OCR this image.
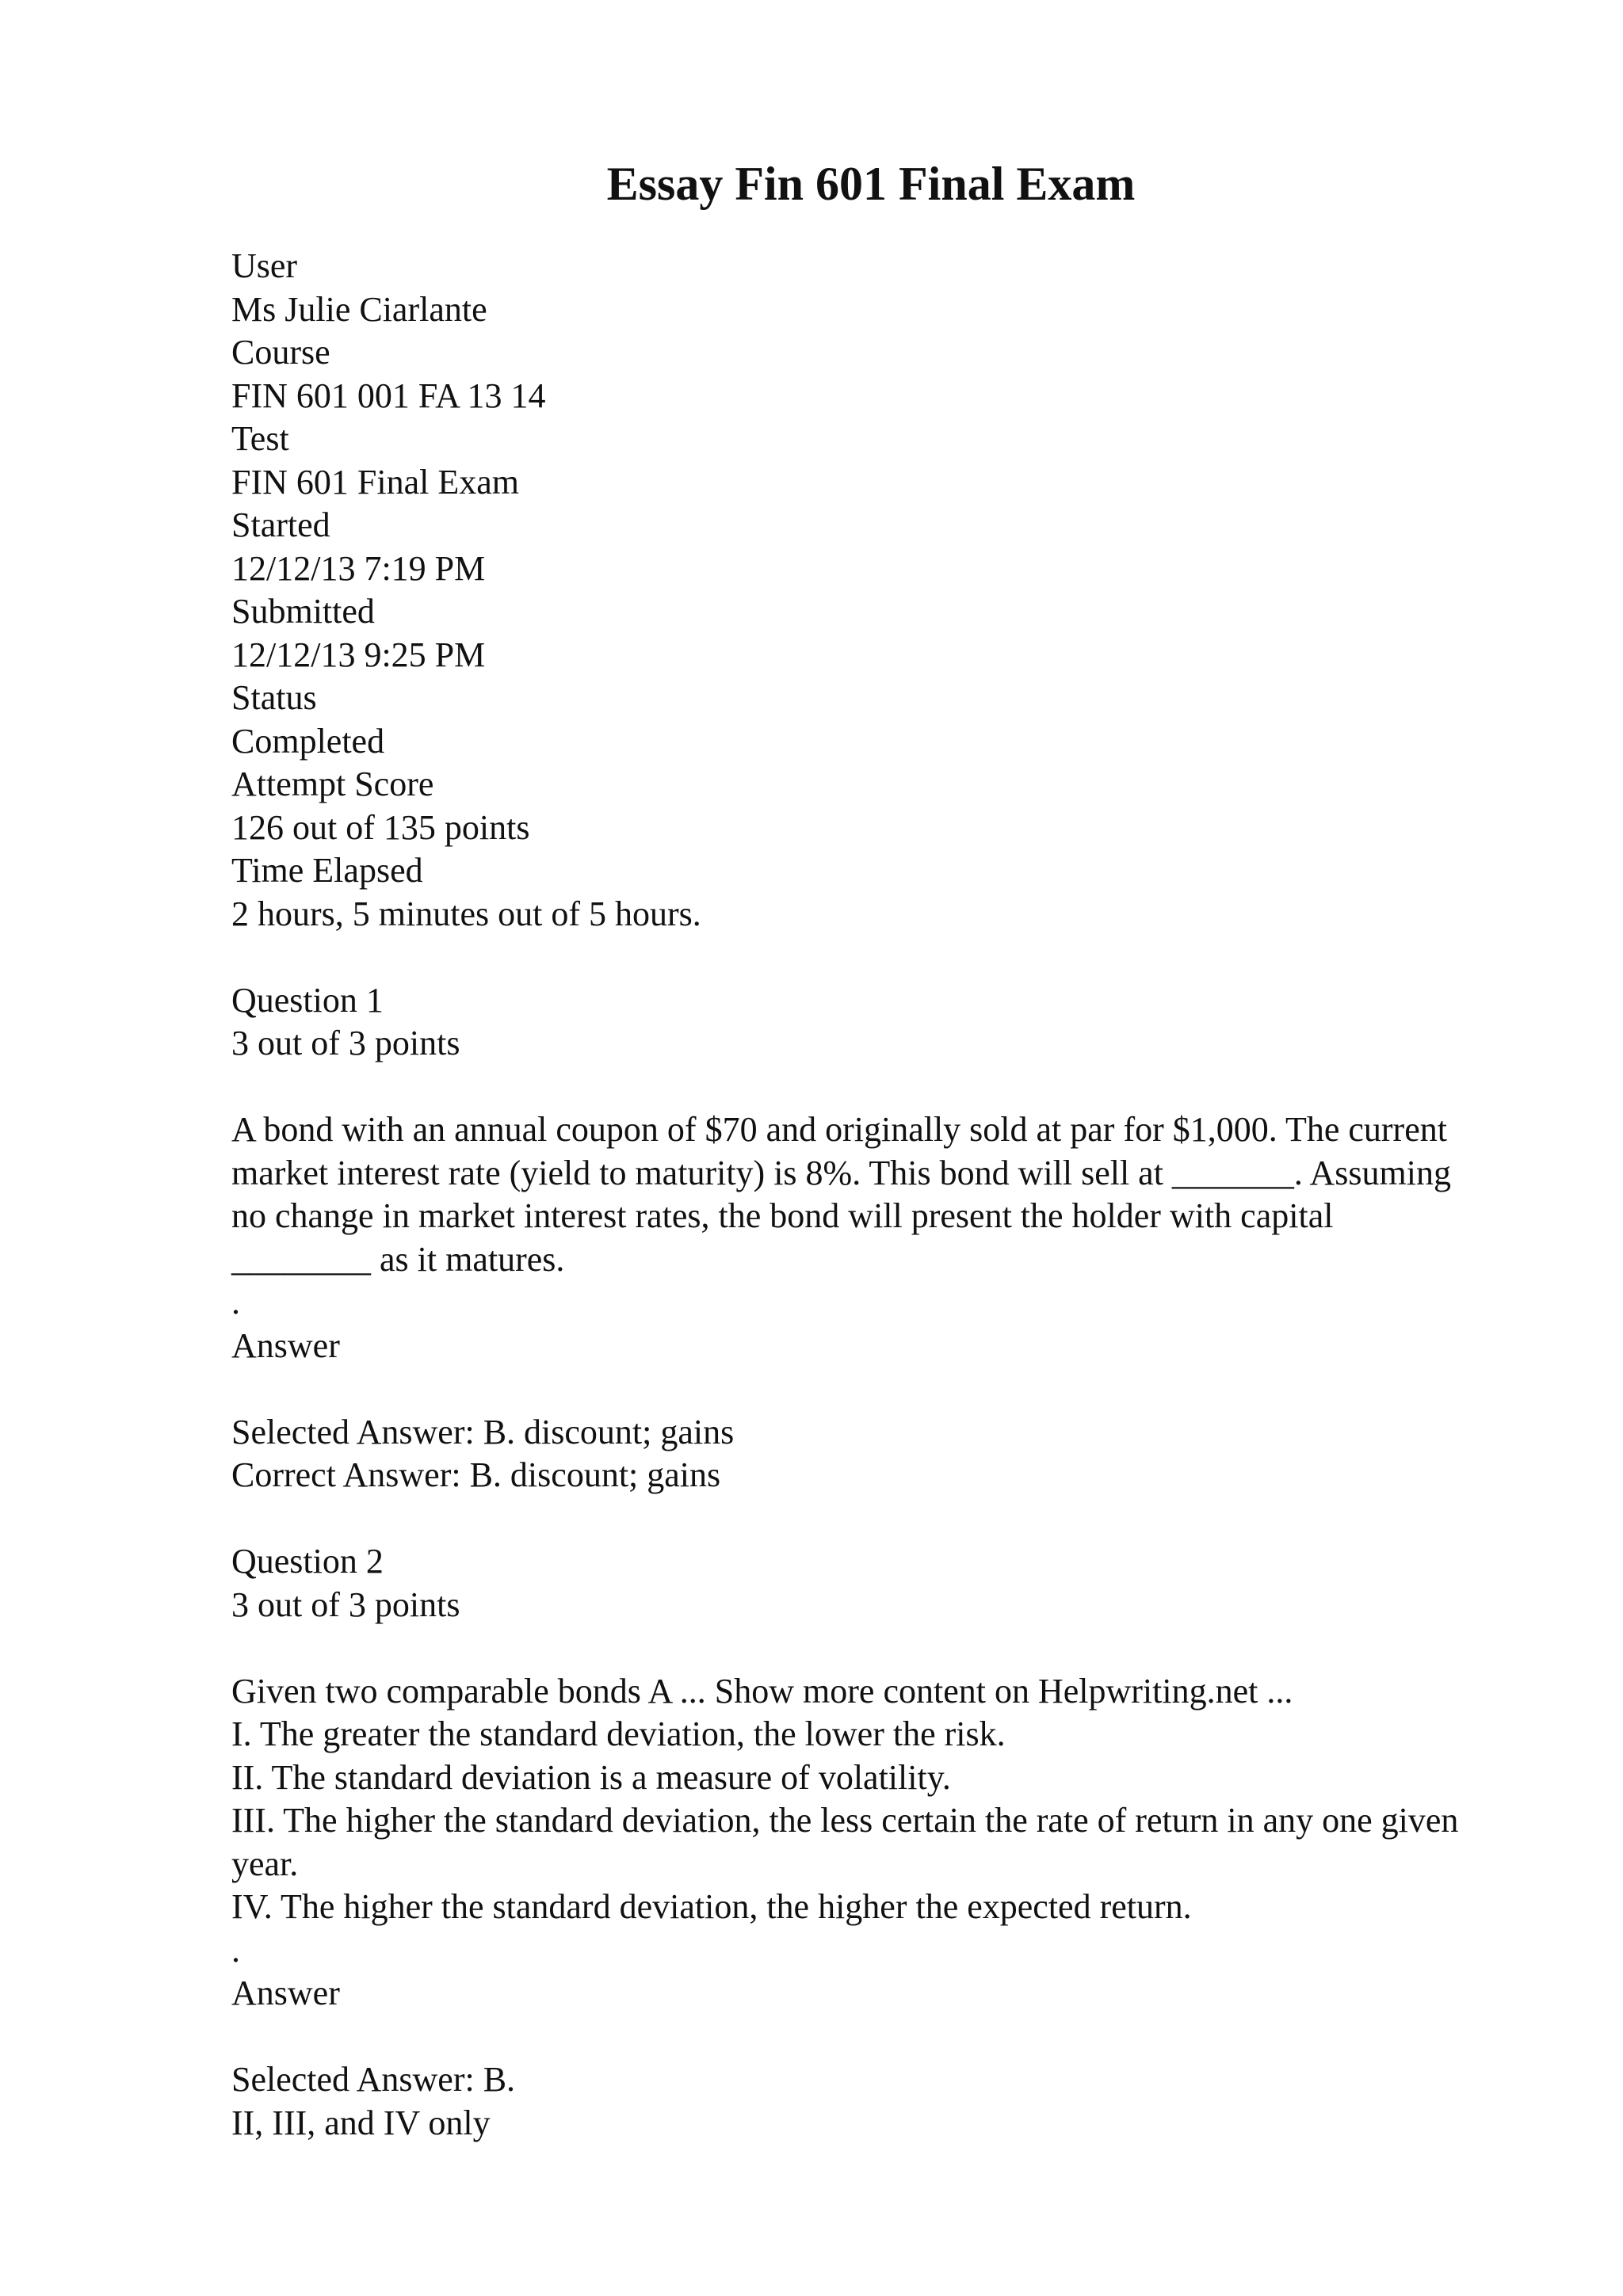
Essay Fin 601 Final Exam
User
Ms Julie Ciarlante
Course
FIN 601 001 FA 13 14
Test
FIN 601 Final Exam
Started
12/12/13 7:19 PM
Submitted
12/12/13 9:25 PM
Status
Completed
Attempt Score
126 out of 135 points
Time Elapsed
2 hours, 5 minutes out of 5 hours.
Question 1
3 out of 3 points
A bond with an annual coupon of $70 and originally sold at par for $1,000. The current market interest rate (yield to maturity) is 8%. This bond will sell at _______. Assuming no change in market interest rates, the bond will present the holder with capital ________ as it matures.
.
Answer
Selected Answer: B. discount; gains
Correct Answer: B. discount; gains
Question 2
3 out of 3 points
Given two comparable bonds A ... Show more content on Helpwriting.net ...
I. The greater the standard deviation, the lower the risk.
II. The standard deviation is a measure of volatility.
III. The higher the standard deviation, the less certain the rate of return in any one given year.
IV. The higher the standard deviation, the higher the expected return.
.
Answer
Selected Answer: B.
II, III, and IV only
